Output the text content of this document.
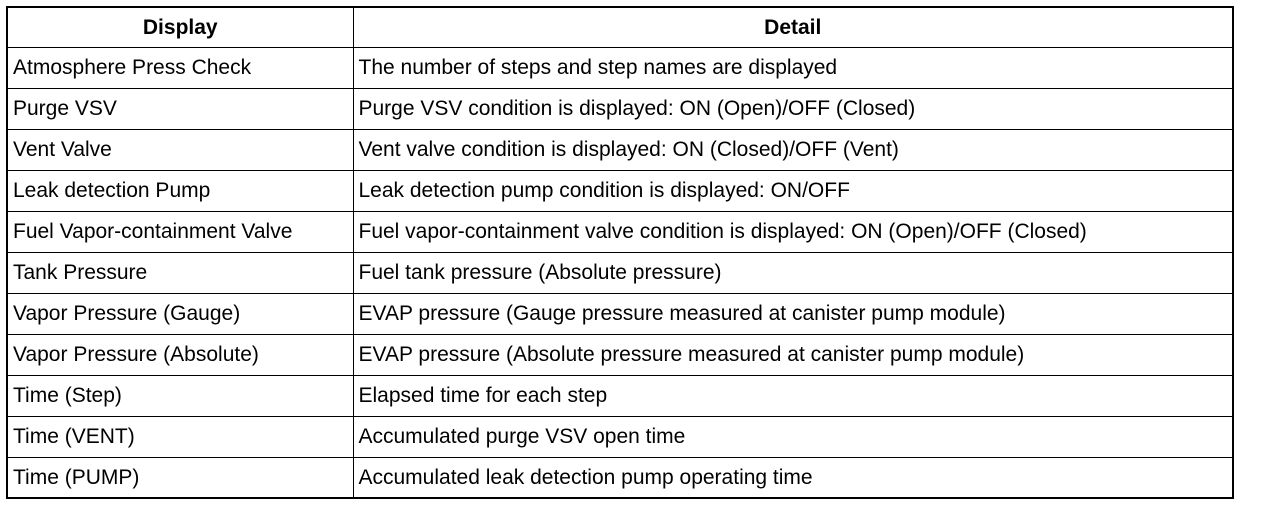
Display	Detail
Atmosphere Press Check	The number of steps and step names are displayed
Purge VSV	Purge VSV condition is displayed: ON (Open)/OFF (Closed)
Vent Valve	Vent valve condition is displayed: ON (Closed)/OFF (Vent)
Leak detection Pump	Leak detection pump condition is displayed: ON/OFF
Fuel Vapor-containment Valve	Fuel vapor-containment valve condition is displayed: ON (Open)/OFF (Closed)
Tank Pressure	Fuel tank pressure (Absolute pressure)
Vapor Pressure (Gauge)	EVAP pressure (Gauge pressure measured at canister pump module)
Vapor Pressure (Absolute)	EVAP pressure (Absolute pressure measured at canister pump module)
Time (Step)	Elapsed time for each step
Time (VENT)	Accumulated purge VSV open time
Time (PUMP)	Accumulated leak detection pump operating time
